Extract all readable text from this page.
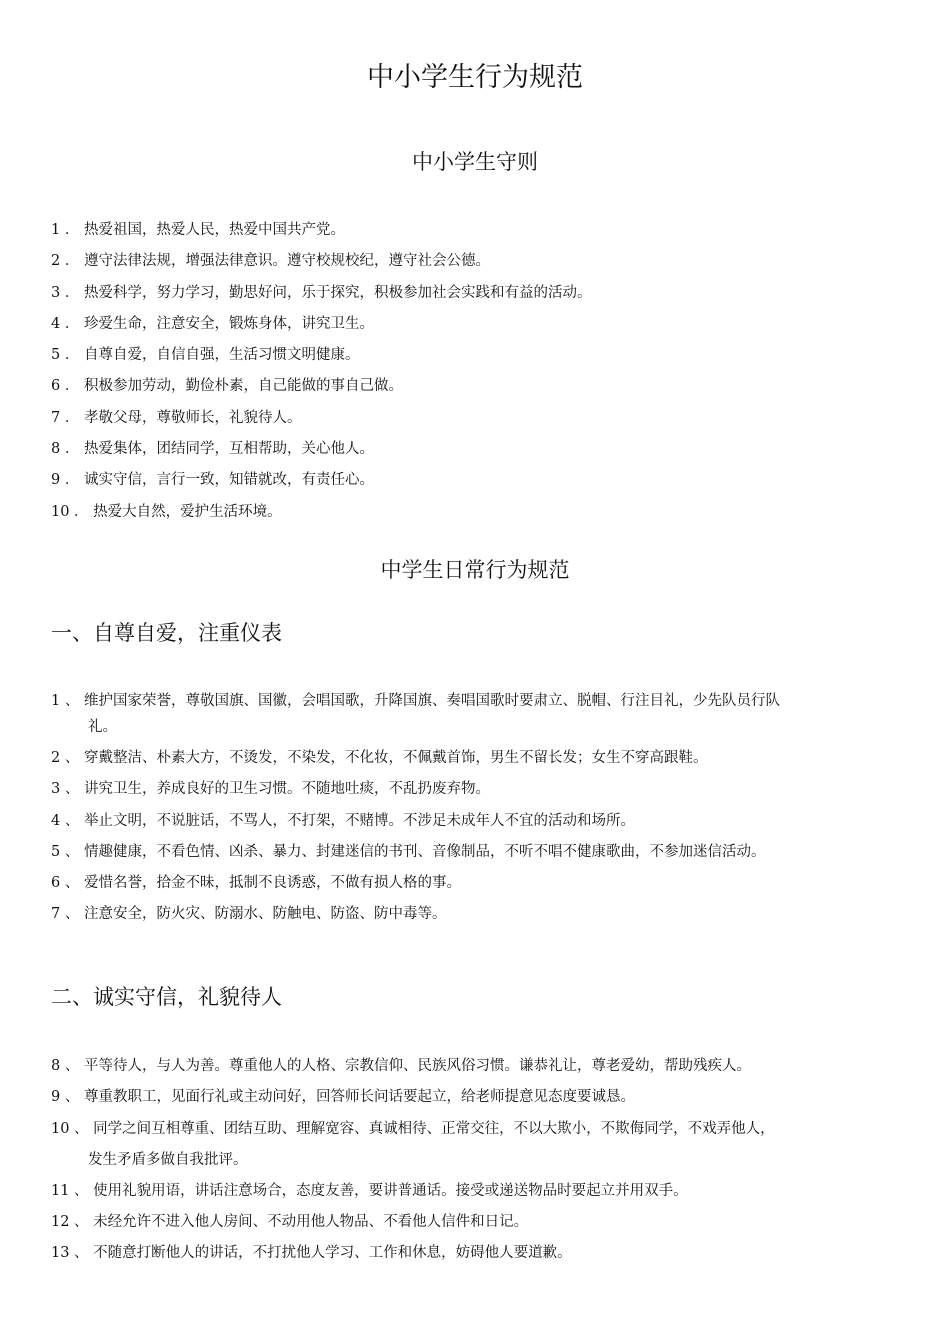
中小学生行为规范
中小学生守则
1 ． 热爱祖国，热爱人民，热爱中国共产党。
2 ． 遵守法律法规，增强法律意识。遵守校规校纪，遵守社会公德。
3 ． 热爱科学，努力学习，勤思好问，乐于探究，积极参加社会实践和有益的活动。
4 ． 珍爱生命，注意安全，锻炼身体，讲究卫生。
5 ． 自尊自爱，自信自强，生活习惯文明健康。
6 ． 积极参加劳动，勤俭朴素，自己能做的事自己做。
7 ． 孝敬父母，尊敬师长，礼貌待人。
8 ． 热爱集体，团结同学，互相帮助，关心他人。
9 ． 诚实守信，言行一致，知错就改，有责任心。
10 ． 热爱大自然，爱护生活环境。
中学生日常行为规范
一、自尊自爱，注重仪表
1 、 维护国家荣誉，尊敬国旗、国徽，会唱国歌，升降国旗、奏唱国歌时要肃立、脱帽、行注目礼，少先队员行队
礼。
2 、 穿戴整洁、朴素大方，不烫发，不染发，不化妆，不佩戴首饰，男生不留长发；女生不穿高跟鞋。
3 、 讲究卫生，养成良好的卫生习惯。不随地吐痰，不乱扔废弃物。
4 、 举止文明，不说脏话，不骂人，不打架，不赌博。不涉足未成年人不宜的活动和场所。
5 、 情趣健康，不看色情、凶杀、暴力、封建迷信的书刊、音像制品，不听不唱不健康歌曲，不参加迷信活动。
6 、 爱惜名誉，拾金不昧，抵制不良诱惑，不做有损人格的事。
7 、 注意安全，防火灾、防溺水、防触电、防盗、防中毒等。
二、诚实守信，礼貌待人
8 、 平等待人，与人为善。尊重他人的人格、宗教信仰、民族风俗习惯。谦恭礼让，尊老爱幼，帮助残疾人。
9 、 尊重教职工，见面行礼或主动问好，回答师长问话要起立，给老师提意见态度要诚恳。
10 、 同学之间互相尊重、团结互助、理解宽容、真诚相待、正常交往，不以大欺小，不欺侮同学，不戏弄他人，
发生矛盾多做自我批评。
11 、 使用礼貌用语，讲话注意场合，态度友善，要讲普通话。接受或递送物品时要起立并用双手。
12 、 未经允许不进入他人房间、不动用他人物品、不看他人信件和日记。
13 、 不随意打断他人的讲话，不打扰他人学习、工作和休息，妨碍他人要道歉。
